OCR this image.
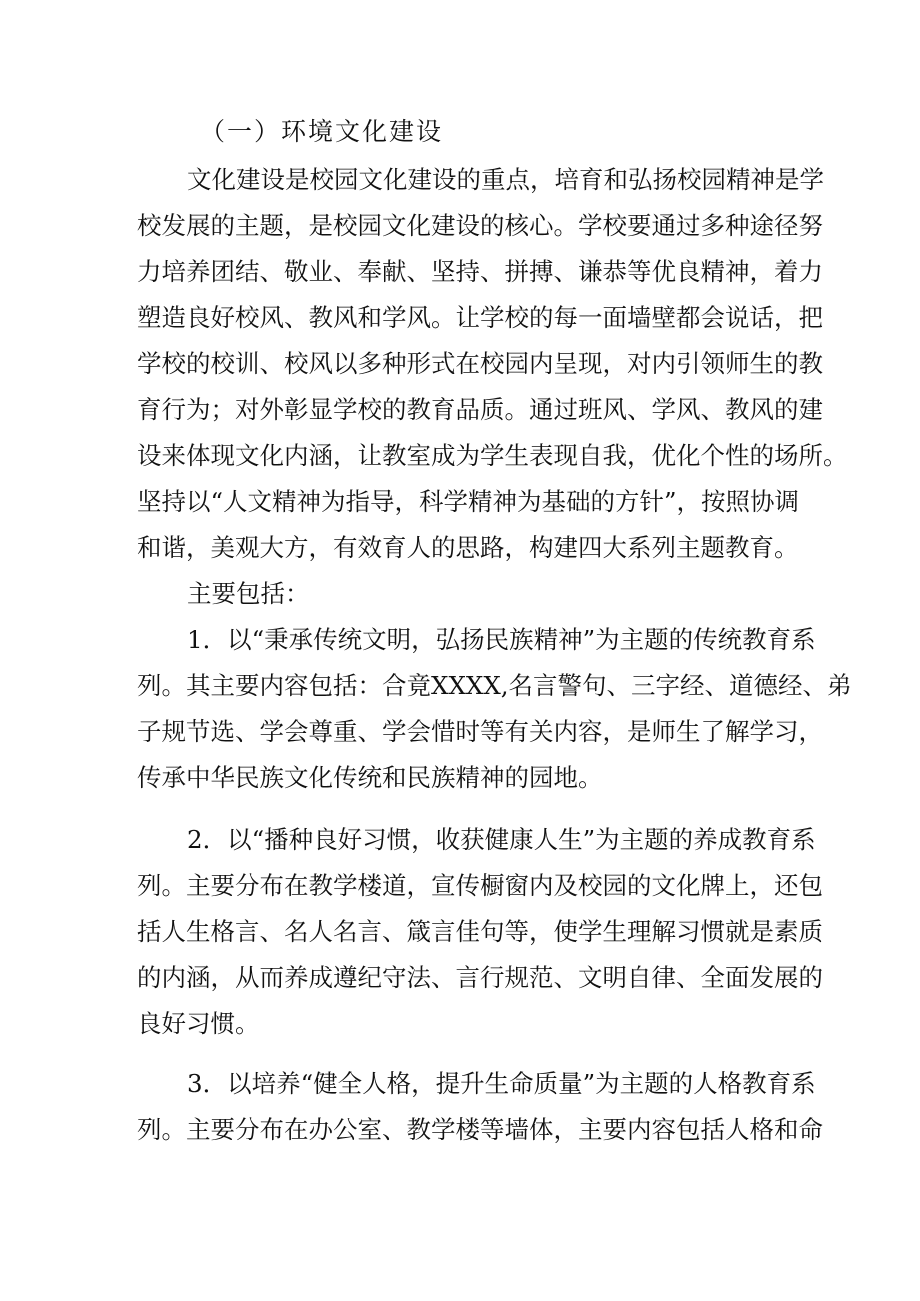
（一）环境文化建设
文化建设是校园文化建设的重点，培育和弘扬校园精神是学
校发展的主题，是校园文化建设的核心。学校要通过多种途径努
力培养团结、敬业、奉献、坚持、拼搏、谦恭等优良精神，着力
塑造良好校风、教风和学风。让学校的每一面墙壁都会说话，把
学校的校训、校风以多种形式在校园内呈现，对内引领师生的教
育行为；对外彰显学校的教育品质。通过班风、学风、教风的建
设来体现文化内涵，让教室成为学生表现自我，优化个性的场所。
坚持以“人文精神为指导，科学精神为基础的方针”，按照协调
和谐，美观大方，有效育人的思路，构建四大系列主题教育。
主要包括：
1．以“秉承传统文明，弘扬民族精神”为主题的传统教育系
列。其主要内容包括：合竟XXXX,名言警句、三字经、道德经、弟
子规节选、学会尊重、学会惜时等有关内容，是师生了解学习，
传承中华民族文化传统和民族精神的园地。
2．以“播种良好习惯，收获健康人生”为主题的养成教育系
列。主要分布在教学楼道，宣传橱窗内及校园的文化牌上，还包
括人生格言、名人名言、箴言佳句等，使学生理解习惯就是素质
的内涵，从而养成遵纪守法、言行规范、文明自律、全面发展的
良好习惯。
3．以培养“健全人格，提升生命质量”为主题的人格教育系
列。主要分布在办公室、教学楼等墙体，主要内容包括人格和命
